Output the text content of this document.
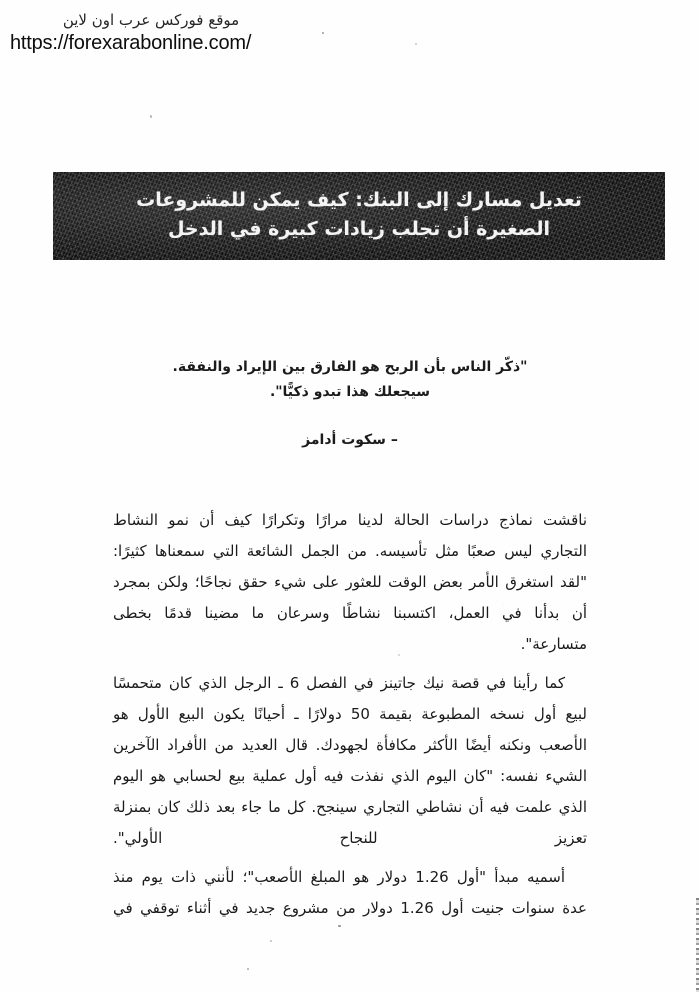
موقع فوركس عرب اون لاين
https://forexarabonline.com/
تعديل مسارك إلى البنك: كيف يمكن للمشروعات
الصغيرة أن تجلب زيادات كبيرة في الدخل
"ذكّر الناس بأن الربح هو الفارق بين الإيراد والنفقة.
سيجعلك هذا تبدو ذكيًّا".
– سكوت أدامز

ناقشت نماذج دراسات الحالة لدينا مرارًا وتكرارًا كيف أن نمو النشاط التجاري ليس صعبًا مثل تأسيسه. من الجمل الشائعة التي سمعناها كثيرًا: "لقد استغرق الأمر بعض الوقت للعثور على شيء حقق نجاحًا؛ ولكن بمجرد أن بدأنا في العمل، اكتسبنا نشاطًا وسرعان ما مضينا قدمًا بخطى متسارعة".

كما رأينا في قصة نيك جاتينز في الفصل 6 ـ الرجل الذي كان متحمسًا لبيع أول نسخه المطبوعة بقيمة 50 دولارًا ـ أحيانًا يكون البيع الأول هو الأصعب ونكنه أيضًا الأكثر مكافأة لجهودك. قال العديد من الأفراد الآخرين الشيء نفسه: "كان اليوم الذي نفذت فيه أول عملية بيع لحسابي هو اليوم الذي علمت فيه أن نشاطي التجاري سينجح. كل ما جاء بعد ذلك كان بمنزلة تعزيز للنجاح الأولي".

أسميه مبدأ "أول 1.26 دولار هو المبلغ الأصعب"؛ لأنني ذات يوم منذ عدة سنوات جنيت أول 1.26 دولار من مشروع جديد في أثناء توقفي في
